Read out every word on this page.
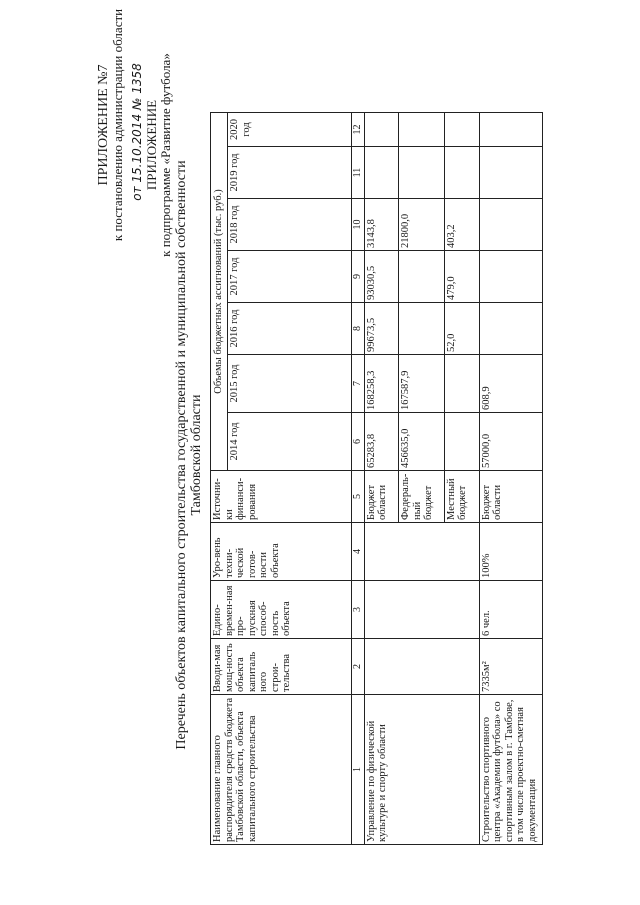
ПРИЛОЖЕНИЕ №7 к постановлению администрации области от 15.10.2014 № 1358 ПРИЛОЖЕНИЕ к подпрограмме «Развитие футбола»
Перечень объектов капитального строительства государственной и муниципальной собственности Тамбовской области
Наименование главного распорядителя средств бюджета Тамбовской области, объекта капитального строительства	Вводи-мая мощ-ность объекта капиталь ного строи-тельства	Едино-времен-ная про-пускная способ-ность объекта	Уро-вень техни-ческой готов-ности объекта	Источни-ки финанси-рования	Объемы бюджетных ассигнований (тыс. руб.)						
					2014 год	2015 год	2016 год	2017 год	2018 год	2019 год	2020 год
1	2	3	4	5	6	7	8	9	10	11	12
Управление по физической культуре и спорту области				Бюджет области	65283,8	168258,3	99673,5	93030,5	3143,8		
				Федераль-ный бюджет	456635,0	167587,9			21800,0		
				Местный бюджет			52,0	479,0	403,2		
Строительство спортивного центра «Академии футбола» со спортивным залом в г. Тамбове, в том числе проектно-сметная документация	7335м²	6 чел.	100%	Бюджет области	57000,0	608,9					
